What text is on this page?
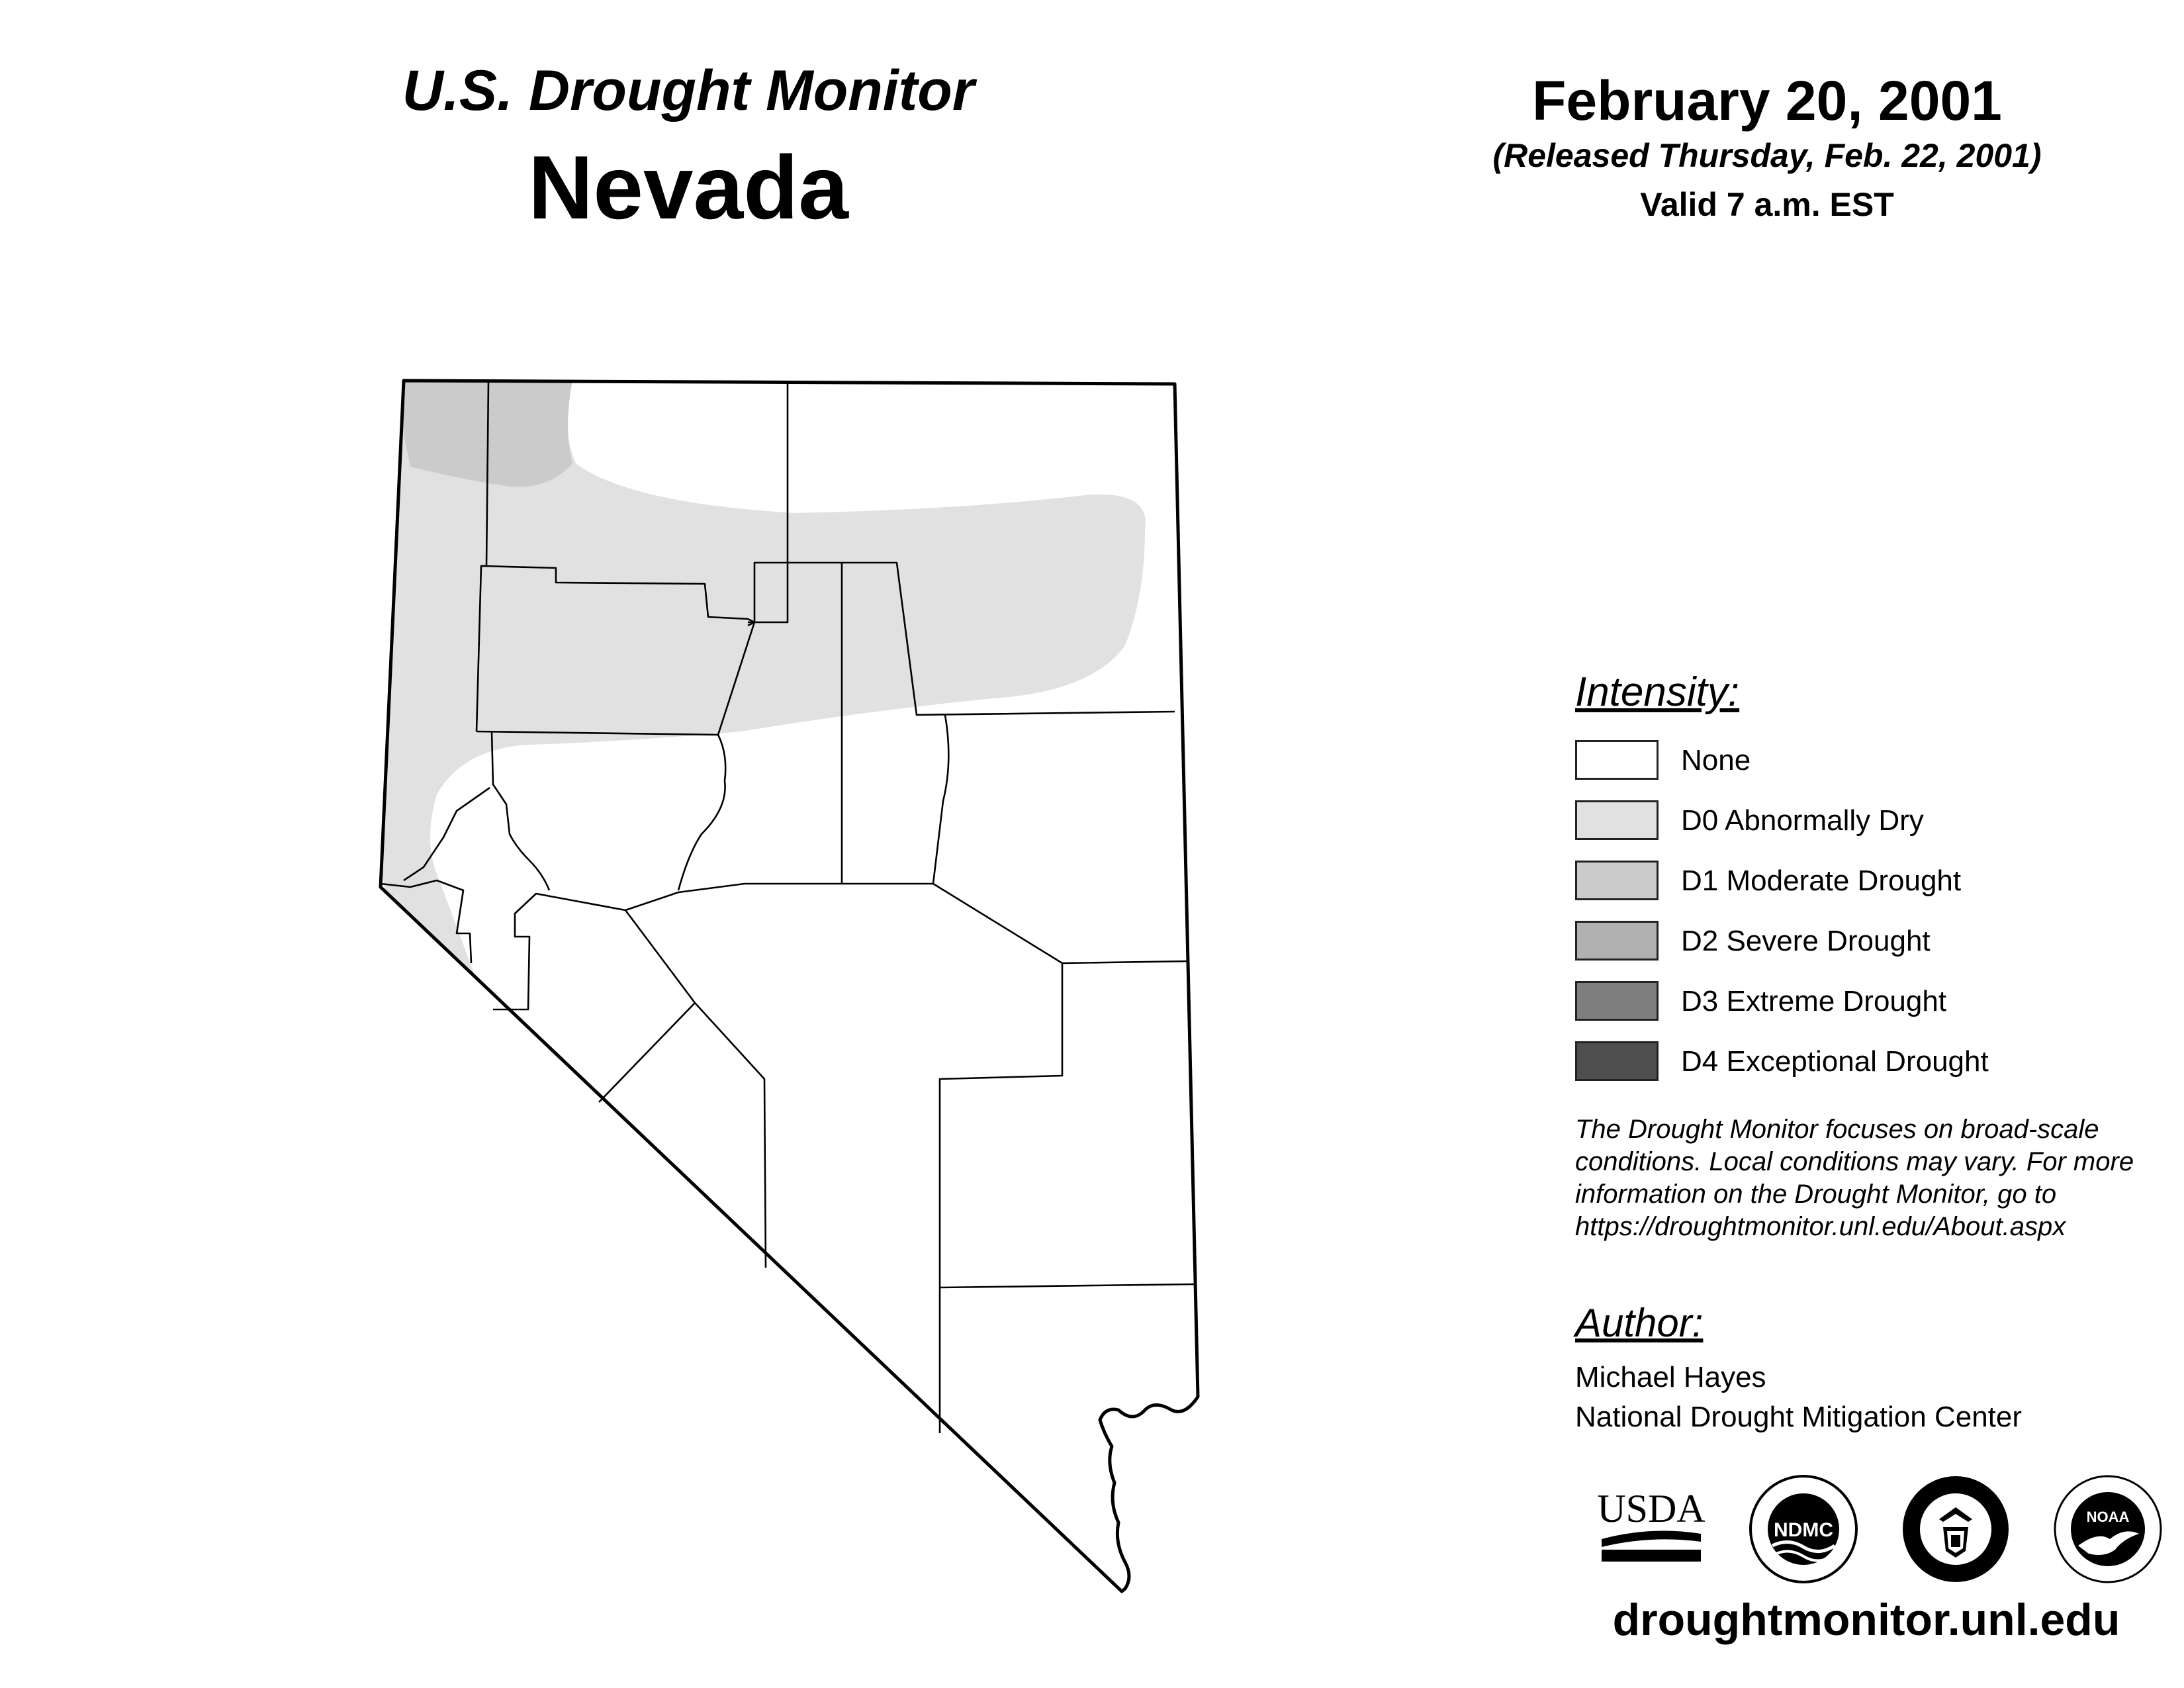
U.S. Drought Monitor
Nevada
February 20, 2001
(Released Thursday, Feb. 22, 2001)
Valid 7 a.m. EST
Intensity:
None
D0 Abnormally Dry
D1 Moderate Drought
D2 Severe Drought
D3 Extreme Drought
D4 Exceptional Drought
The Drought Monitor focuses on broad-scale conditions. Local conditions may vary. For more information on the Drought Monitor, go to https://droughtmonitor.unl.edu/About.aspx
Author:
Michael Hayes
National Drought Mitigation Center
USDA	NDMC
NOAA
droughtmonitor.unl.edu
